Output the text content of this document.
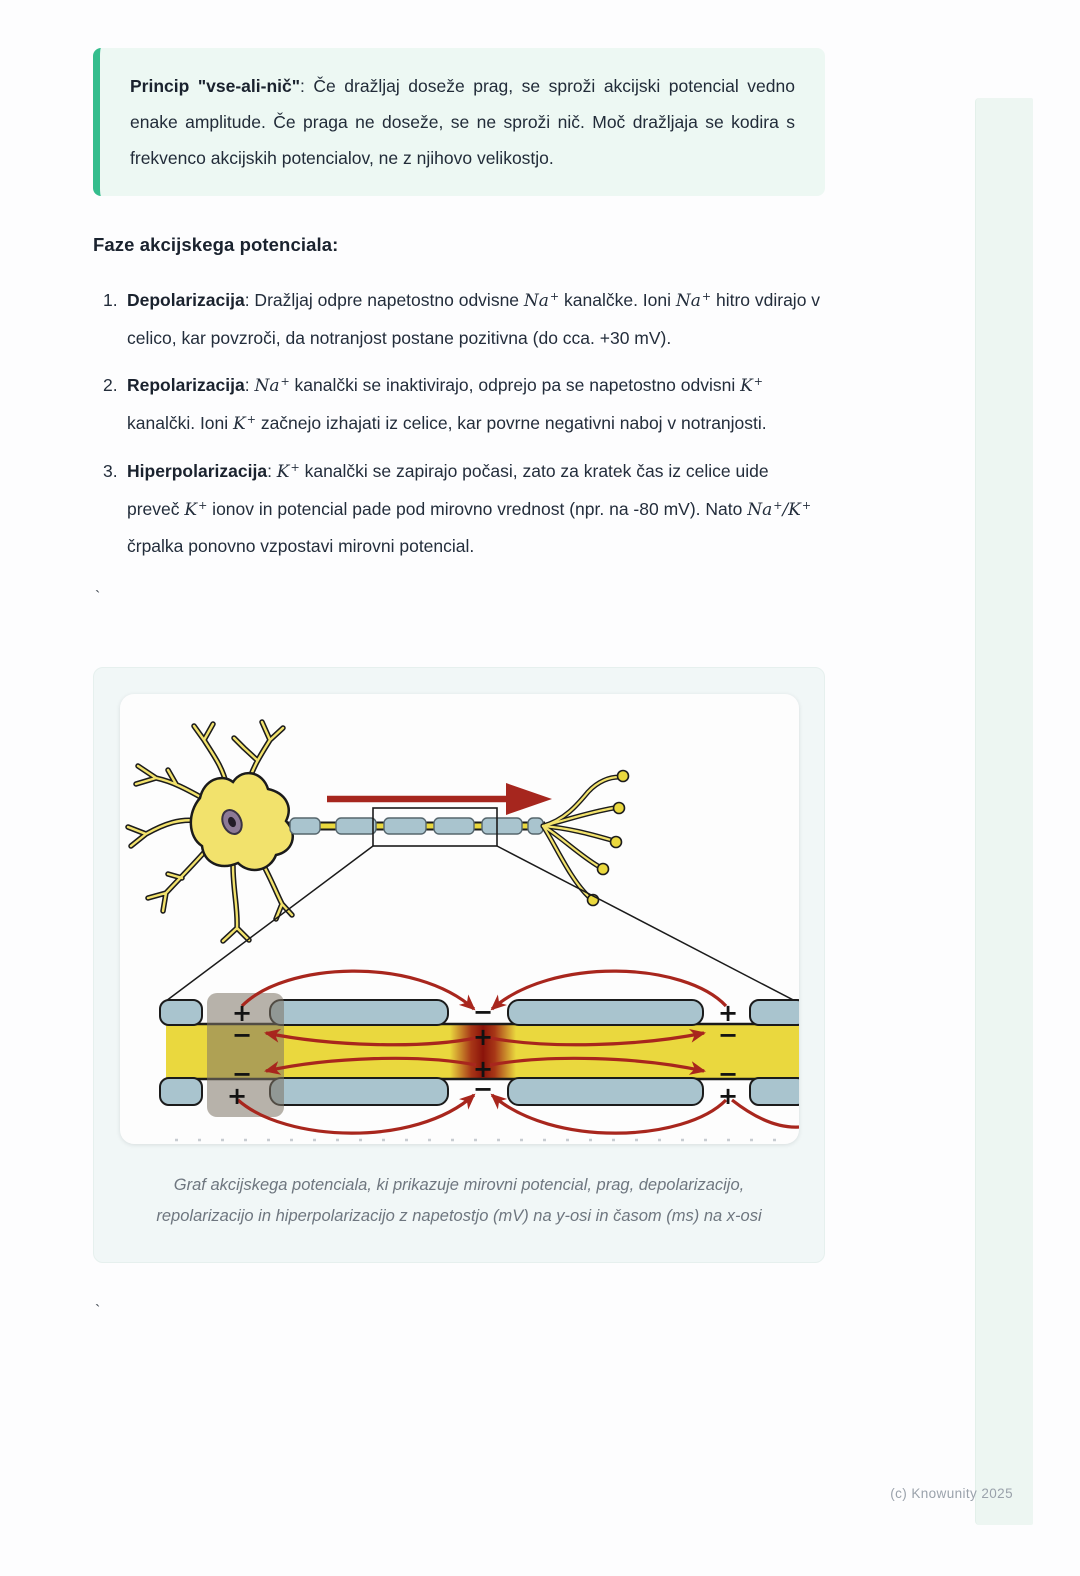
Princip "vse-ali-nič": Če dražljaj doseže prag, se sproži akcijski potencial vedno enake amplitude. Če praga ne doseže, se ne sproži nič. Moč dražljaja se kodira s frekvenco akcijskih potencialov, ne z njihovo velikostjo.

Faze akcijskega potenciala:
1. Depolarizacija: Dražljaj odpre napetostno odvisne Na+ kanalčke. Ioni Na+ hitro vdirajo v celico, kar povzroči, da notranjost postane pozitivna (do cca. +30 mV).
2. Repolarizacija: Na+ kanalčki se inaktivirajo, odprejo pa se napetostno odvisni K+ kanalčki. Ioni K+ začnejo izhajati iz celice, kar povrne negativni naboj v notranjosti.
3. Hiperpolarizacija: K+ kanalčki se zapirajo počasi, zato za kratek čas iz celice uide preveč K+ ionov in potencial pade pod mirovno vrednost (npr. na -80 mV). Nato Na+/K+ črpalka ponovno vzpostavi mirovni potencial.
`
+
−
−
+
−
+
+
−
+
−
−
+
Graf akcijskega potenciala, ki prikazuje mirovni potencial, prag, depolarizacijo, repolarizacijo in hiperpolarizacijo z napetostjo (mV) na y-osi in časom (ms) na x-osi
`
(c) Knowunity 2025
